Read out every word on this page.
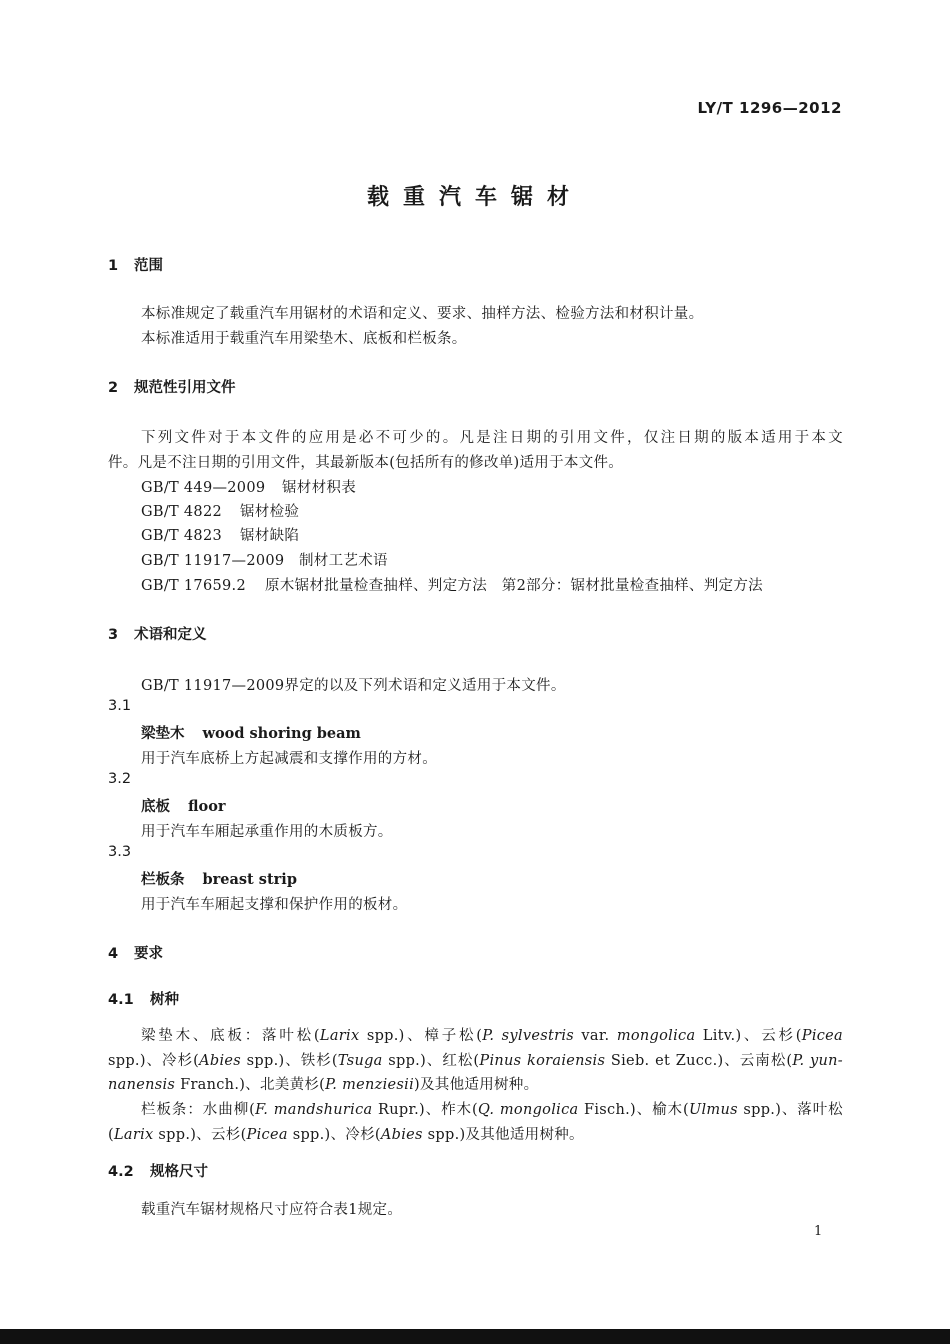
LY/T 1296—2012
载重汽车锯材
1 范围
本标准规定了载重汽车用锯材的术语和定义、要求、抽样方法、检验方法和材积计量。
本标准适用于载重汽车用梁垫木、底板和栏板条。
2 规范性引用文件
下列文件对于本文件的应用是必不可少的。凡是注日期的引用文件，仅注日期的版本适用于本文
件。凡是不注日期的引用文件，其最新版本(包括所有的修改单)适用于本文件。
GB/T 449—2009 锯材材积表
GB/T 4822 锯材检验
GB/T 4823 锯材缺陷
GB/T 11917—2009 制材工艺术语
GB/T 17659.2 原木锯材批量检查抽样、判定方法　第2部分：锯材批量检查抽样、判定方法
3 术语和定义
GB/T 11917—2009界定的以及下列术语和定义适用于本文件。
3.1
梁垫木 wood shoring beam
用于汽车底桥上方起减震和支撑作用的方材。
3.2
底板 floor
用于汽车车厢起承重作用的木质板方。
3.3
栏板条 breast strip
用于汽车车厢起支撑和保护作用的板材。
4 要求
4.1 树种
梁垫木、底板：落叶松(Larix spp.)、樟子松(P. sylvestris var. mongolica Litv.)、云杉(Picea
spp.)、冷杉(Abies spp.)、铁杉(Tsuga spp.)、红松(Pinus koraiensis Sieb. et Zucc.)、云南松(P. yun-
nanensis Franch.)、北美黄杉(P. menziesii)及其他适用树种。
栏板条：水曲柳(F. mandshurica Rupr.)、柞木(Q. mongolica Fisch.)、榆木(Ulmus spp.)、落叶松
(Larix spp.)、云杉(Picea spp.)、冷杉(Abies spp.)及其他适用树种。
4.2 规格尺寸
载重汽车锯材规格尺寸应符合表1规定。
1
